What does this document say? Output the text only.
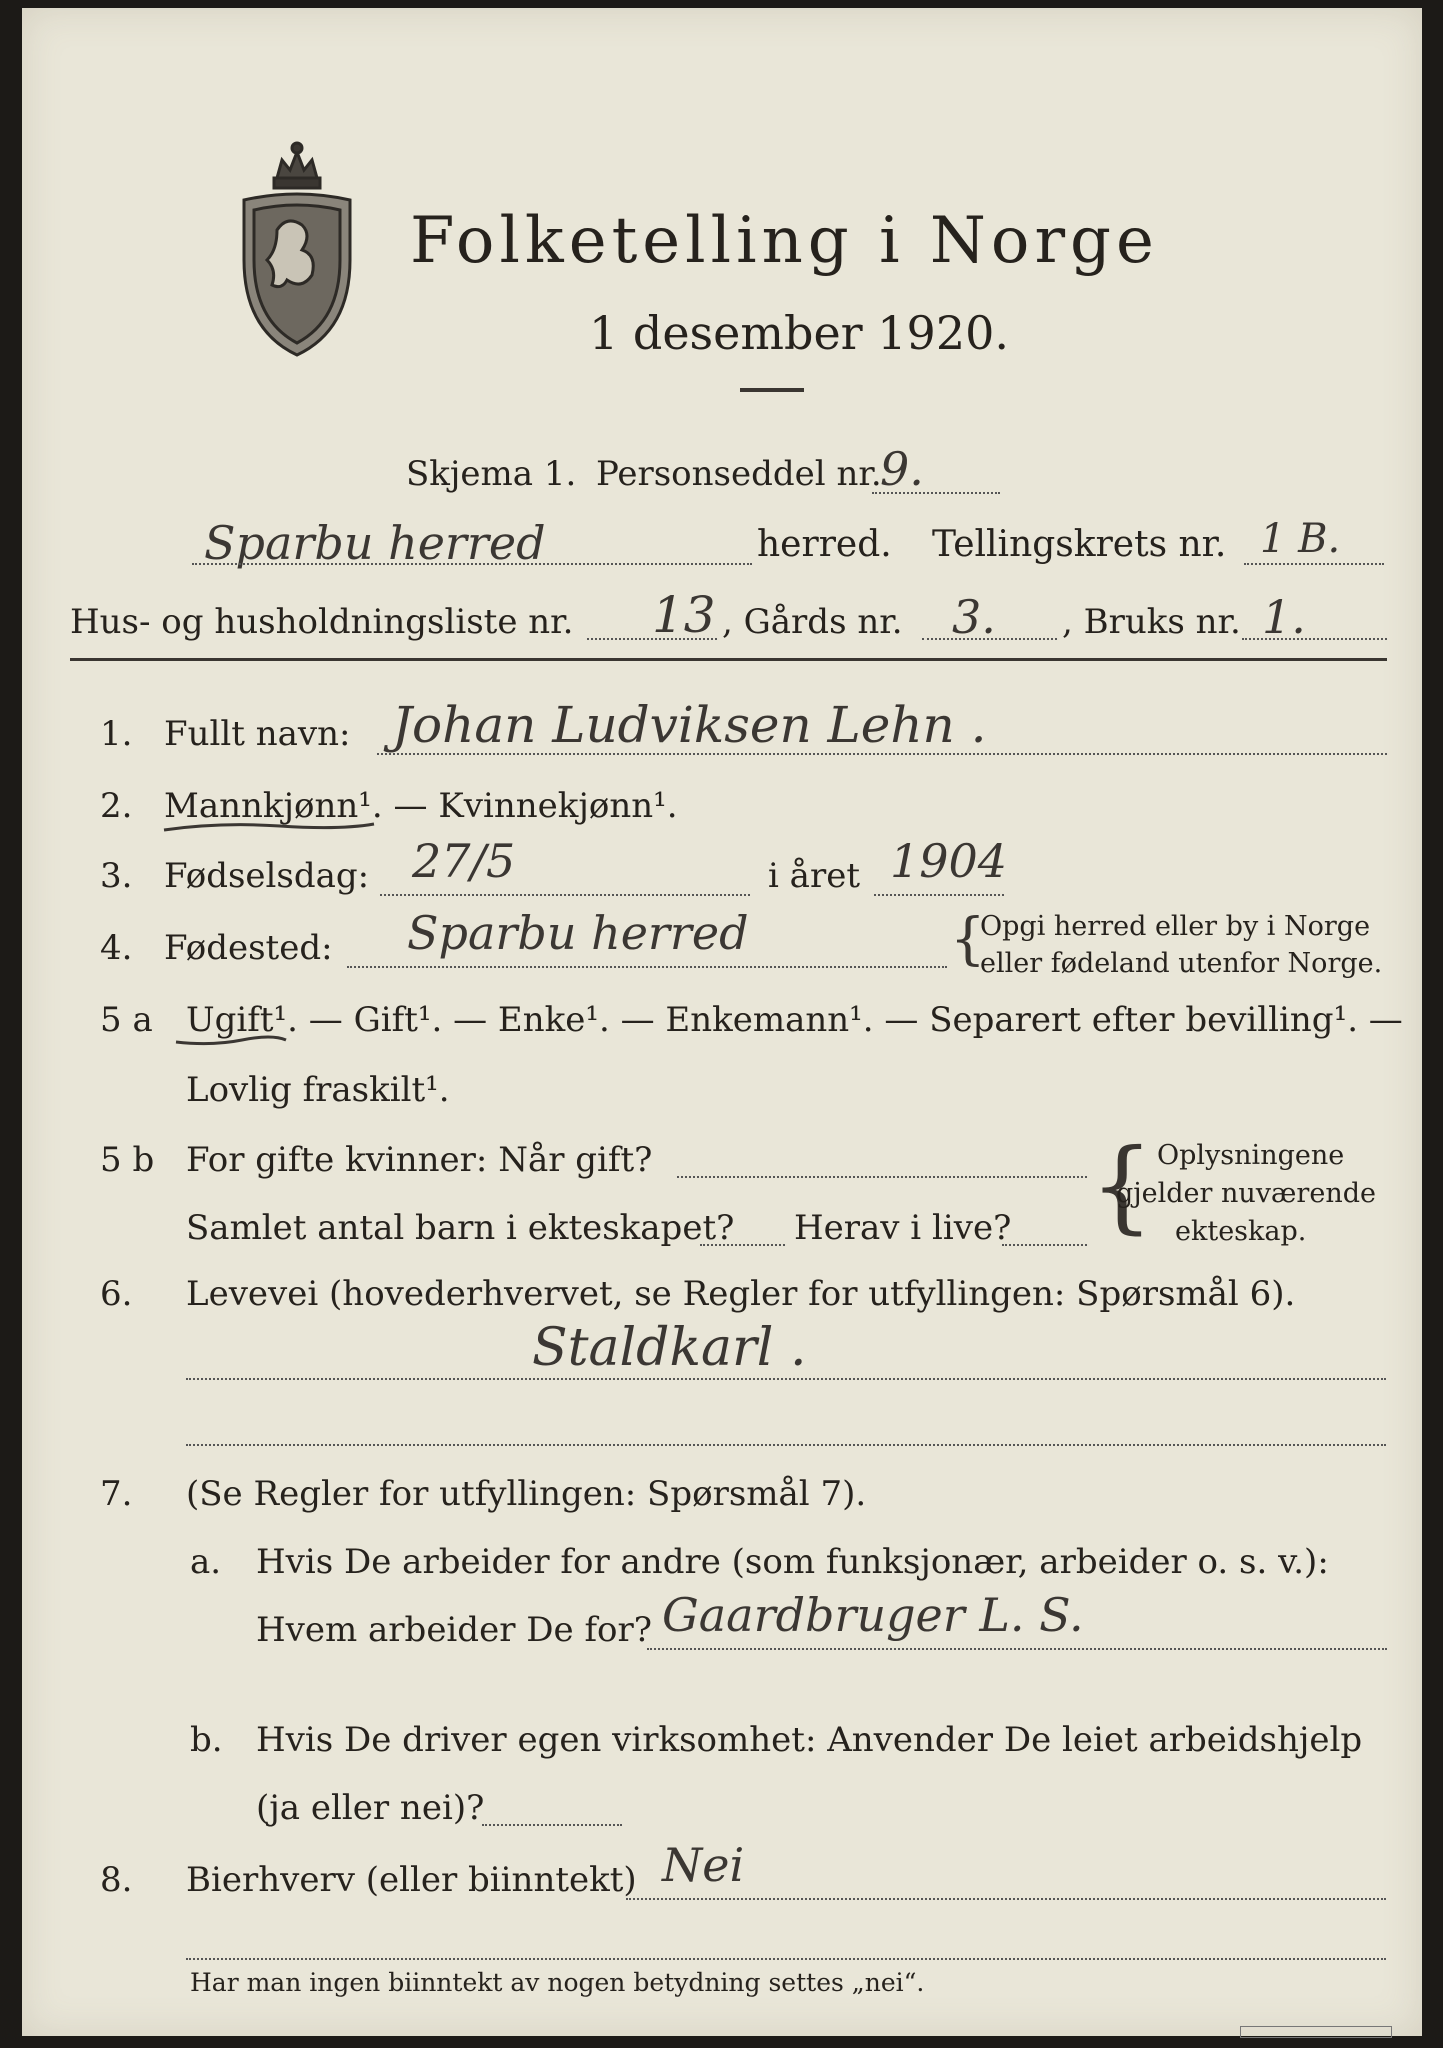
Folketelling i Norge
1 desember 1920.
Skjema 1. Personseddel nr.
9.
Sparbu herred	herred. Tellingskrets nr. 1 B.
Hus- og husholdningsliste nr. 13 , Gårds nr. 3. , Bruks nr. 1.
1. Fullt navn: Johan Ludviksen Lehn .
2. Mannkjønn¹. — Kvinnekjønn¹.
3. Fødselsdag: 27/5	i året 1904
4. Fødested: Sparbu herred	{
Opgi herred eller by i Norge
eller fødeland utenfor Norge.
5 a Ugift¹. — Gift¹. — Enke¹. — Enkemann¹. — Separert efter bevilling¹. —
Lovlig fraskilt¹.
5 b For gifte kvinner: Når gift?
Samlet antal barn i ekteskapet? Herav i live? { Oplysningene
gjelder nuværende
ekteskap.
6. Levevei (hovederhvervet, se Regler for utfyllingen: Spørsmål 6).
Staldkarl .
7. (Se Regler for utfyllingen: Spørsmål 7).
a. Hvis De arbeider for andre (som funksjonær, arbeider o. s. v.):
Hvem arbeider De for? Gaardbruger L. S.
b. Hvis De driver egen virksomhet: Anvender De leiet arbeidshjelp
(ja eller nei)?
8. Bierhverv (eller biinntekt) Nei
Har man ingen biinntekt av nogen betydning settes „nei“.
